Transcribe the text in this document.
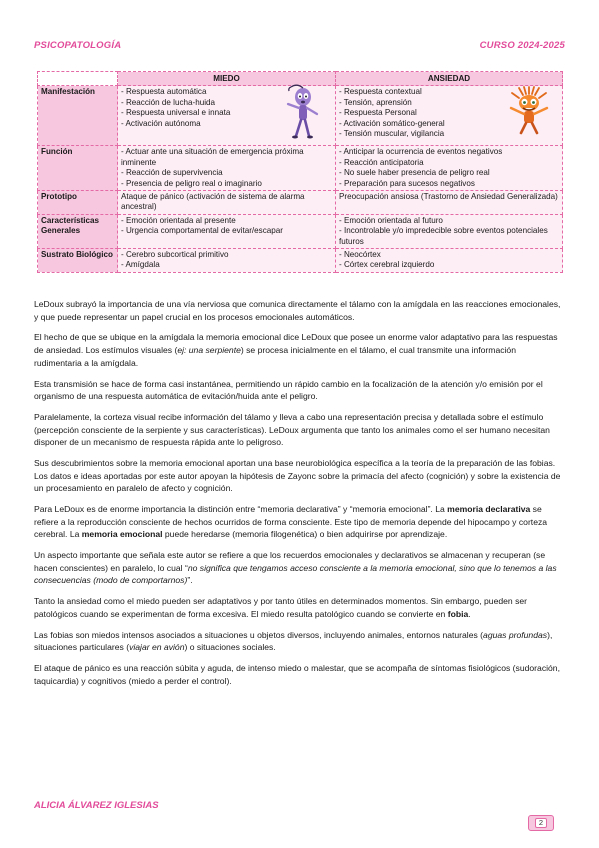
PSICOPATOLOGÍA	CURSO 2024-2025
	MIEDO	ANSIEDAD
Manifestación	- Respuesta automática
- Reacción de lucha-huida
- Respuesta universal e innata
- Activación autónoma	- Respuesta contextual
- Tensión, aprensión
- Respuesta Personal
- Activación somático-general
- Tensión muscular, vigilancia

Función	- Actuar ante una situación de emergencia próxima inminente
- Reacción de supervivencia
- Presencia de peligro real o imaginario	- Anticipar la ocurrencia de eventos negativos
- Reacción anticipatoria
- No suele haber presencia de peligro real
- Preparación para sucesos negativos

Prototipo	Ataque de pánico (activación de sistema de alarma ancestral)	Preocupación ansiosa (Trastorno de Ansiedad Generalizada)

Características Generales	- Emoción orientada al presente
- Urgencia comportamental de evitar/escapar	- Emoción orientada al futuro
- Incontrolable y/o impredecible sobre eventos potenciales futuros

Sustrato Biológico	- Cerebro subcortical primitivo
- Amígdala	- Neocórtex
- Córtex cerebral izquierdo

LeDoux subrayó la importancia de una vía nerviosa que comunica directamente el tálamo con la amígdala en las reacciones emocionales, y que puede representar un papel crucial en los procesos emocionales automáticos.

El hecho de que se ubique en la amígdala la memoria emocional dice LeDoux que posee un enorme valor adaptativo para las respuestas de ansiedad. Los estímulos visuales (ej: una serpiente) se procesa inicialmente en el tálamo, el cual transmite una información rudimentaria a la amígdala.

Esta transmisión se hace de forma casi instantánea, permitiendo un rápido cambio en la focalización de la atención y/o emisión por el organismo de una respuesta automática de evitación/huida ante el peligro.

Paralelamente, la corteza visual recibe información del tálamo y lleva a cabo una representación precisa y detallada sobre el estímulo (percepción consciente de la serpiente y sus características). LeDoux argumenta que tanto los animales como el ser humano necesitan disponer de un mecanismo de respuesta rápida ante lo peligroso.

Sus descubrimientos sobre la memoria emocional aportan una base neurobiológica específica a la teoría de la preparación de las fobias. Los datos e ideas aportadas por este autor apoyan la hipótesis de Zayonc sobre la primacía del afecto (cognición) y sobre la existencia de un procesamiento en paralelo de afecto y cognición.

Para LeDoux es de enorme importancia la distinción entre “memoria declarativa” y “memoria emocional”. La memoria declarativa se refiere a la reproducción consciente de hechos ocurridos de forma consciente. Este tipo de memoria depende del hipocampo y corteza cerebral. La memoria emocional puede heredarse (memoria filogenética) o bien adquirirse por aprendizaje.

Un aspecto importante que señala este autor se refiere a que los recuerdos emocionales y declarativos se almacenan y recuperan (se hacen conscientes) en paralelo, lo cual “no significa que tengamos acceso consciente a la memoria emocional, sino que lo tenemos a las consecuencias (modo de comportarnos)”.

Tanto la ansiedad como el miedo pueden ser adaptativos y por tanto útiles en determinados momentos. Sin embargo, pueden ser patológicos cuando se experimentan de forma excesiva. El miedo resulta patológico cuando se convierte en fobia.

Las fobias son miedos intensos asociados a situaciones u objetos diversos, incluyendo animales, entornos naturales (aguas profundas), situaciones particulares (viajar en avión) o situaciones sociales.

El ataque de pánico es una reacción súbita y aguda, de intenso miedo o malestar, que se acompaña de síntomas fisiológicos (sudoración, taquicardia) y cognitivos (miedo a perder el control).

ALICIA ÁLVAREZ IGLESIAS
2
